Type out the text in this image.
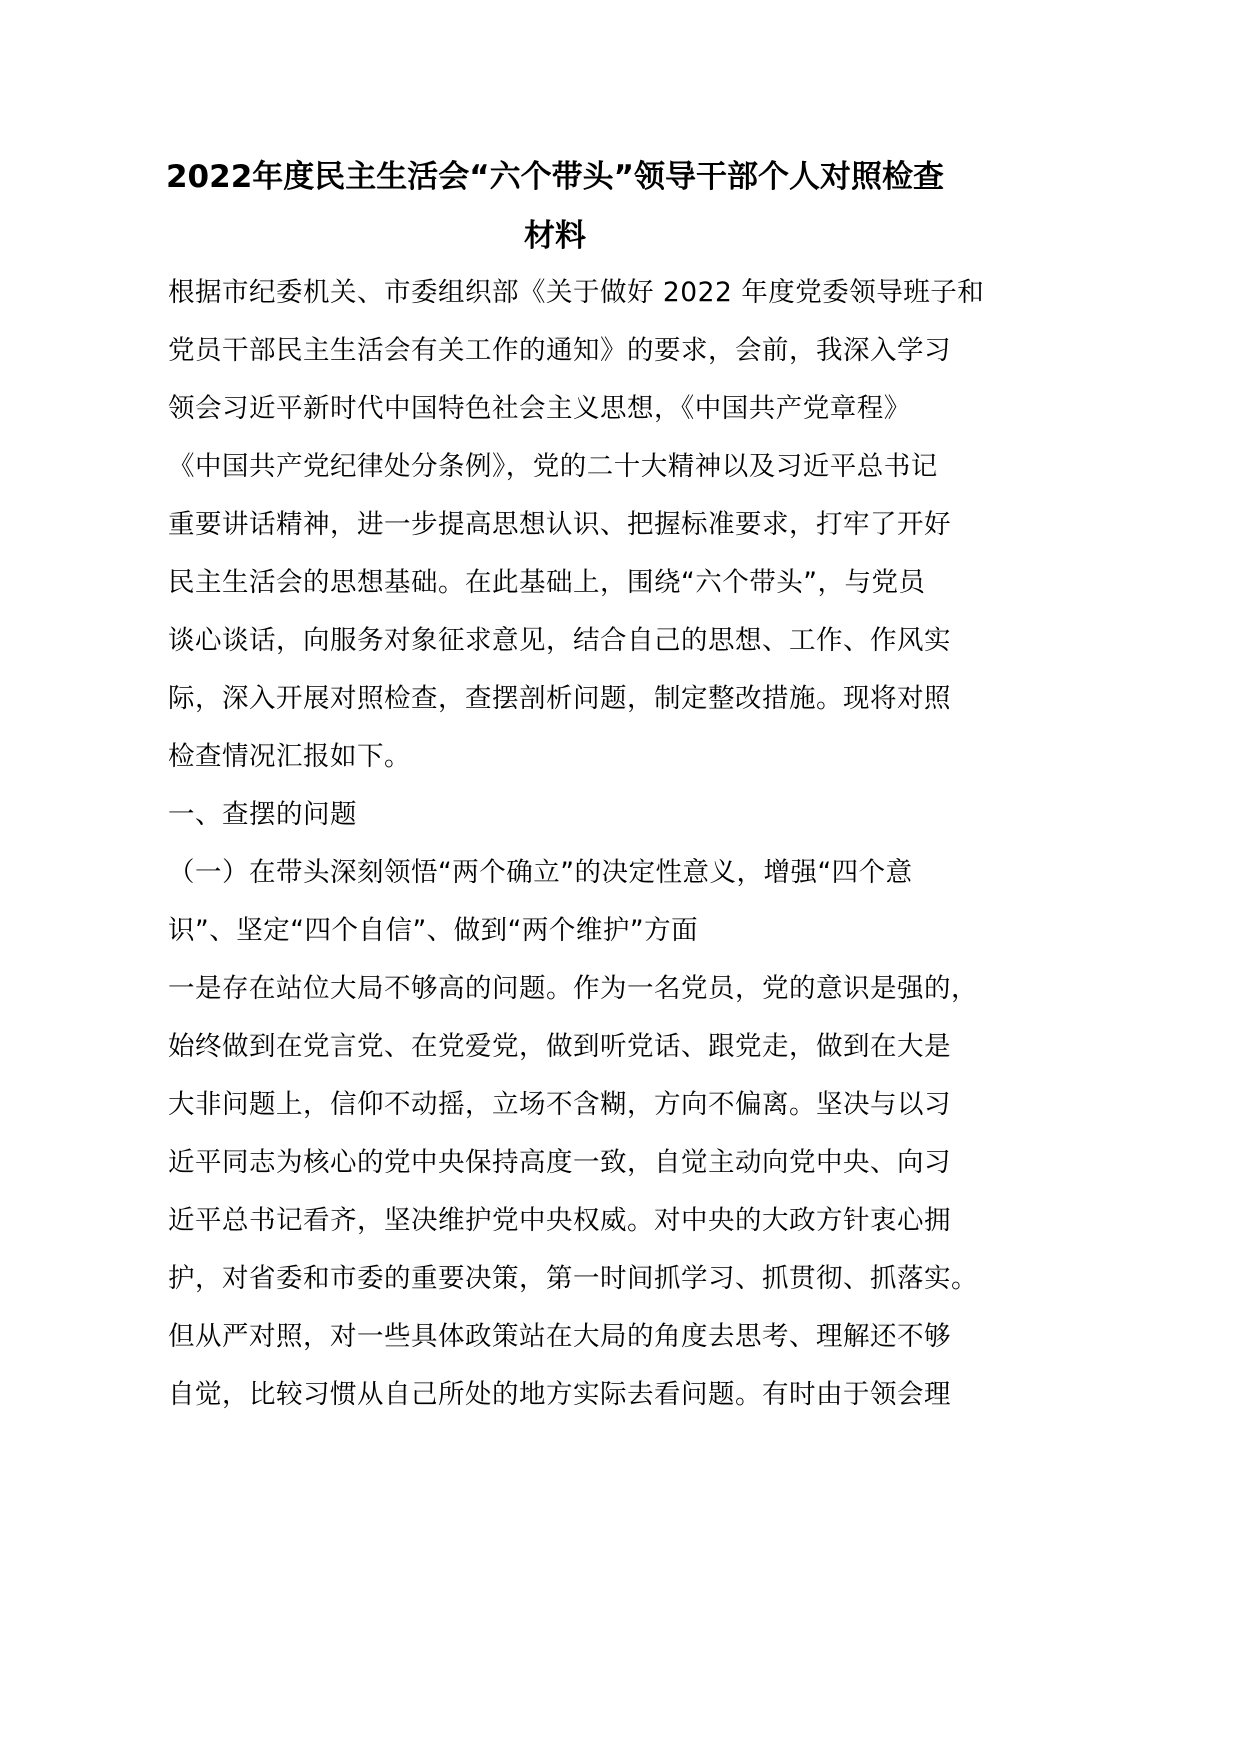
2022年度民主生活会“六个带头”领导干部个人对照检查
材料
根据市纪委机关、市委组织部《关于做好 2022 年度党委领导班子和
党员干部民主生活会有关工作的通知》的要求，会前，我深入学习
领会习近平新时代中国特色社会主义思想，《中国共产党章程》
《中国共产党纪律处分条例》，党的二十大精神以及习近平总书记
重要讲话精神，进一步提高思想认识、把握标准要求，打牢了开好
民主生活会的思想基础。在此基础上，围绕“六个带头”，与党员
谈心谈话，向服务对象征求意见，结合自己的思想、工作、作风实
际，深入开展对照检查，查摆剖析问题，制定整改措施。现将对照
检查情况汇报如下。
一、查摆的问题
（一）在带头深刻领悟“两个确立”的决定性意义，增强“四个意
识”、坚定“四个自信”、做到“两个维护”方面
一是存在站位大局不够高的问题。作为一名党员，党的意识是强的，
始终做到在党言党、在党爱党，做到听党话、跟党走，做到在大是
大非问题上，信仰不动摇，立场不含糊，方向不偏离。坚决与以习
近平同志为核心的党中央保持高度一致，自觉主动向党中央、向习
近平总书记看齐，坚决维护党中央权威。对中央的大政方针衷心拥
护，对省委和市委的重要决策，第一时间抓学习、抓贯彻、抓落实。
但从严对照，对一些具体政策站在大局的角度去思考、理解还不够
自觉，比较习惯从自己所处的地方实际去看问题。有时由于领会理
